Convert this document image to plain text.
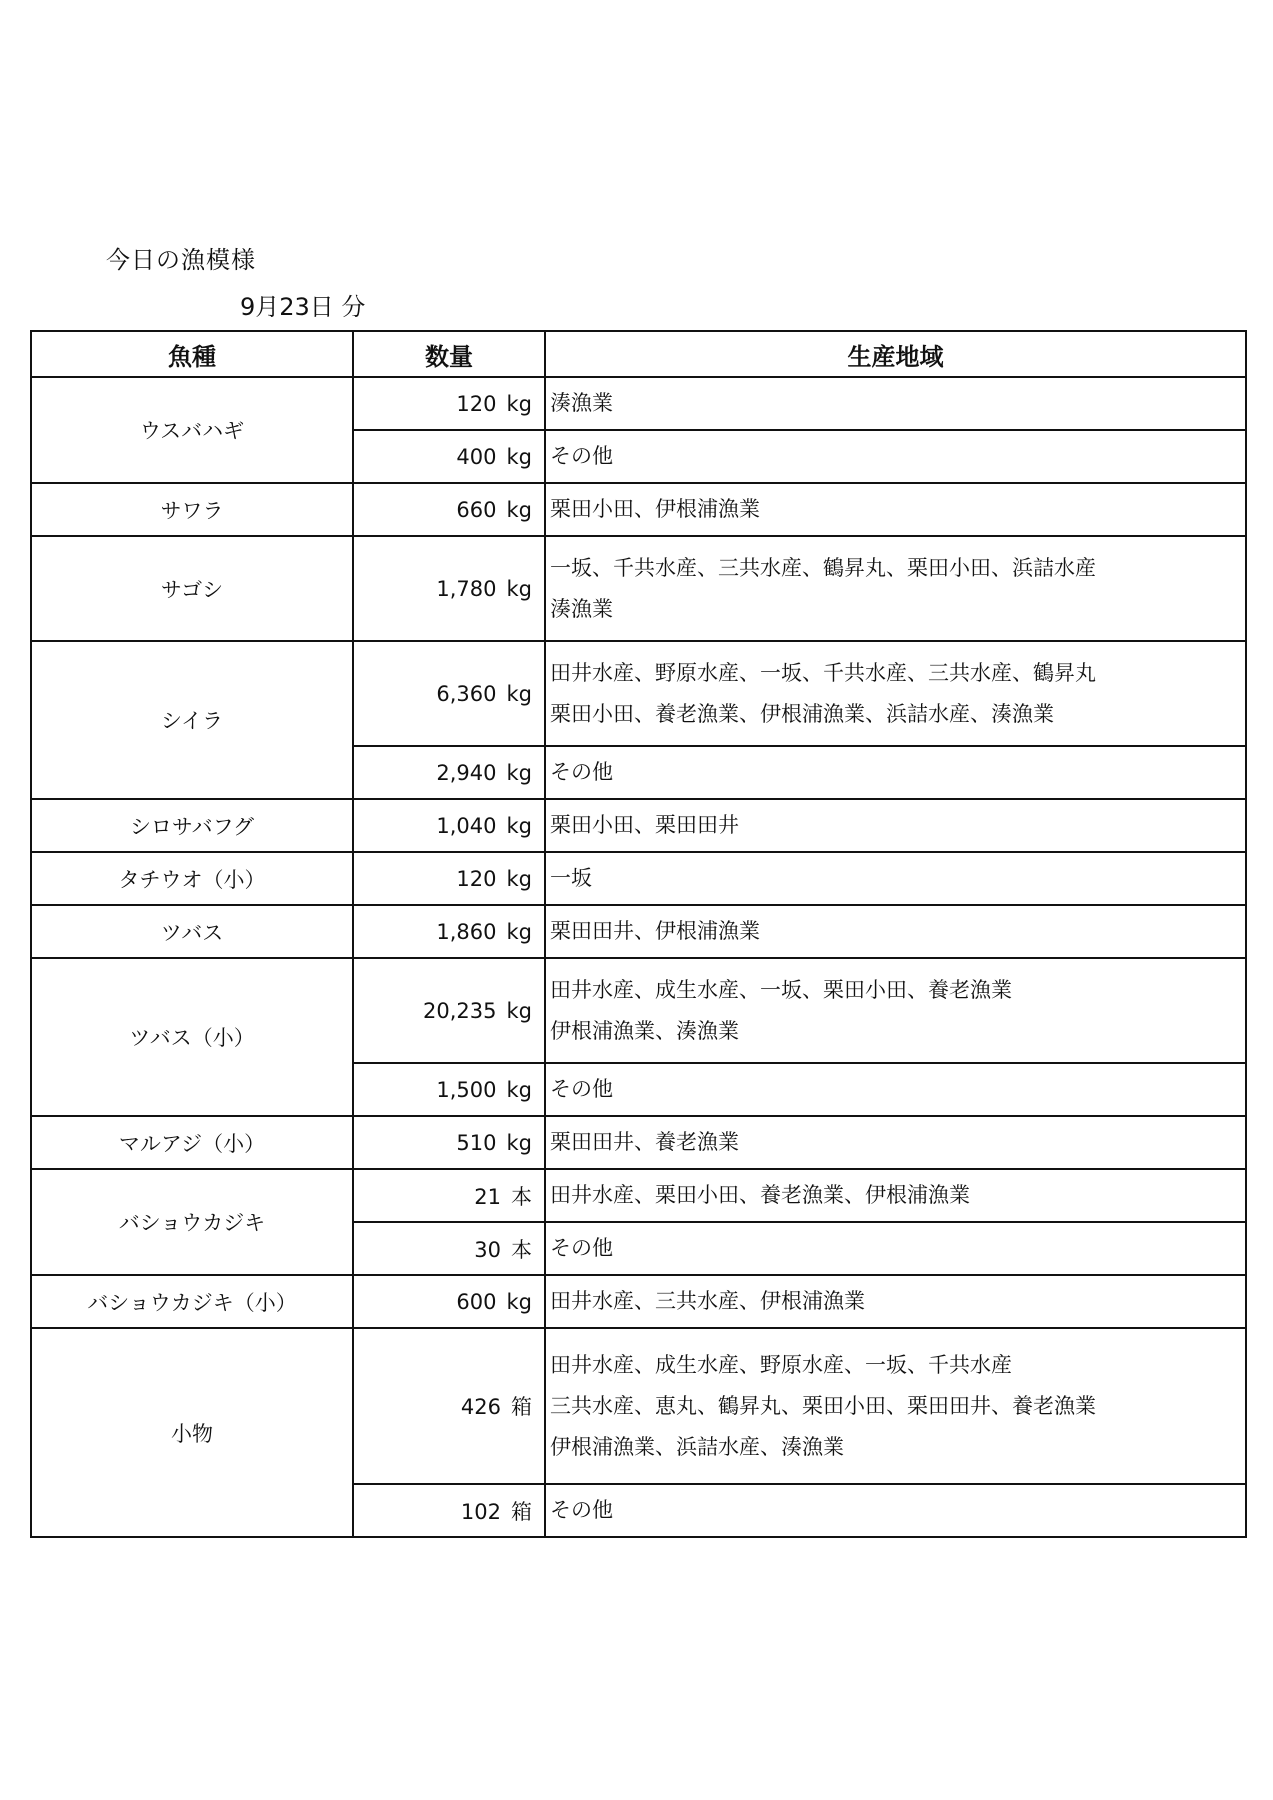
今日の漁模様
9月23日 分
魚種	数量	生産地域
ウスバハギ	120 kg	湊漁業

	400 kg	その他

サワラ	660 kg	栗田小田、伊根浦漁業

サゴシ	1,780 kg	一坂、千共水産、三共水産、鶴昇丸、栗田小田、浜詰水産
湊漁業

シイラ	6,360 kg	田井水産、野原水産、一坂、千共水産、三共水産、鶴昇丸
栗田小田、養老漁業、伊根浦漁業、浜詰水産、湊漁業

	2,940 kg	その他

シロサバフグ	1,040 kg	栗田小田、栗田田井

タチウオ（小）	120 kg	一坂

ツバス	1,860 kg	栗田田井、伊根浦漁業

ツバス（小）	20,235 kg	田井水産、成生水産、一坂、栗田小田、養老漁業
伊根浦漁業、湊漁業

	1,500 kg	その他

マルアジ（小）	510 kg	栗田田井、養老漁業

バショウカジキ	21 本	田井水産、栗田小田、養老漁業、伊根浦漁業

	30 本	その他

バショウカジキ（小）	600 kg	田井水産、三共水産、伊根浦漁業

小物	426 箱	田井水産、成生水産、野原水産、一坂、千共水産
三共水産、恵丸、鶴昇丸、栗田小田、栗田田井、養老漁業
伊根浦漁業、浜詰水産、湊漁業

	102 箱	その他
